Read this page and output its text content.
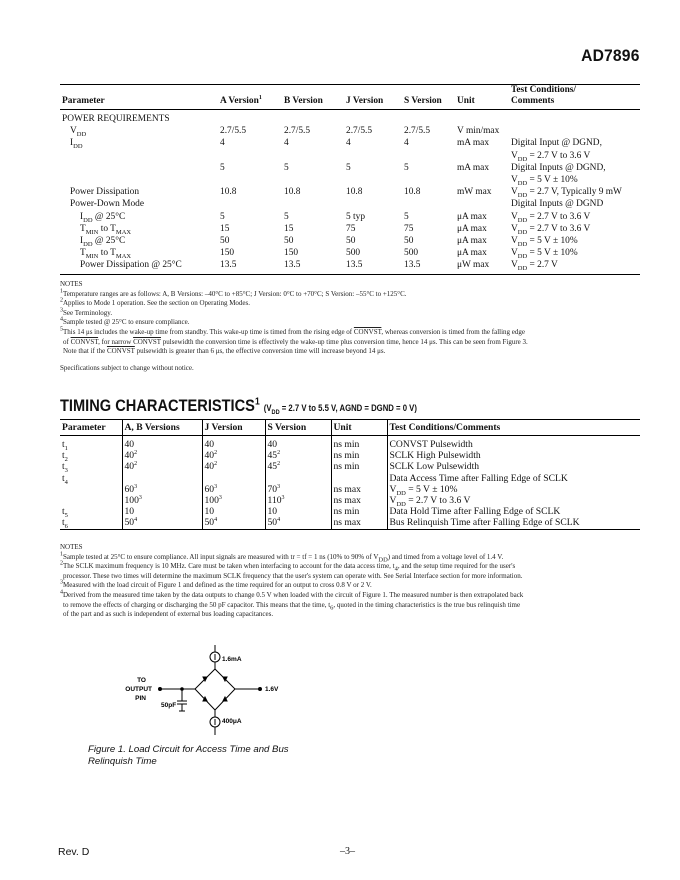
AD7896
Parameter	A Version$^1$	B Version	J Version	S Version	Unit	Test Conditions/
Comments
POWER REQUIREMENTS						
$V_{DD}$	2.7/5.5	2.7/5.5	2.7/5.5	2.7/5.5	V min/max	
$I_{DD}$	4	4	4	4	mA max	Digital Input @ DGND,
						$V_{DD} = 2.7$ V to 3.6 V
	5	5	5	5	mA max	Digital Inputs @ DGND,
						$V_{DD} = 5$ V ± 10%
Power Dissipation	10.8	10.8	10.8	10.8	mW max	$V_{DD} = 2.7$ V, Typically 9 mW
Power-Down Mode						Digital Inputs @ DGND
$I_{DD}$ @ 25°C	5	5	5 typ	5	μA max	$V_{DD} = 2.7$ V to 3.6 V
$T_{MIN}$ to $T_{MAX}$	15	15	75	75	μA max	$V_{DD} = 2.7$ V to 3.6 V
$I_{DD}$ @ 25°C	50	50	50	50	μA max	$V_{DD} = 5$ V ± 10%
$T_{MIN}$ to $T_{MAX}$	150	150	500	500	μA max	$V_{DD} = 5$ V ± 10%
Power Dissipation @ 25°C	13.5	13.5	13.5	13.5	μW max	$V_{DD} = 2.7$ V
NOTES
$^1$Temperature ranges are as follows: A, B Versions: –40°C to +85°C; J Version: 0°C to +70°C; S Version: –55°C to +125°C.
$^2$Applies to Mode 1 operation. See the section on Operating Modes.
$^3$See Terminology.
$^4$Sample tested @ 25°C to ensure compliance.
$^5$This 14 μs includes the wake-up time from standby. This wake-up time is timed from the rising edge of CONVST, whereas conversion is timed from the falling edge
of CONVST, for narrow CONVST pulsewidth the conversion time is effectively the wake-up time plus conversion time, hence 14 μs. This can be seen from Figure 3.
Note that if the CONVST pulsewidth is greater than 6 μs, the effective conversion time will increase beyond 14 μs.
Specifications subject to change without notice.
TIMING CHARACTERISTICS$^1$ ($V_{DD} = 2.7$ V to 5.5 V, AGND = DGND = 0 V)
Parameter	A, B Versions	J Version	S Version	Unit	Test Conditions/Comments
$t_1$	40	40	40	ns min	CONVST Pulsewidth
$t_2$	$40^2$	$40^2$	$45^2$	ns min	SCLK High Pulsewidth
$t_3$	$40^2$	$40^2$	$45^2$	ns min	SCLK Low Pulsewidth
$t_4$					Data Access Time after Falling Edge of SCLK
	$60^3$	$60^3$	$70^3$	ns max	$V_{DD} = 5$ V ± 10%
	$100^3$	$100^3$	$110^3$	ns max	$V_{DD} = 2.7$ V to 3.6 V
$t_5$	10	10	10	ns min	Data Hold Time after Falling Edge of SCLK
$t_6$	$50^4$	$50^4$	$50^4$	ns max	Bus Relinquish Time after Falling Edge of SCLK
NOTES
$^1$Sample tested at 25°C to ensure compliance. All input signals are measured with tr = tf = 1 ns (10% to 90% of $V_{DD}$) and timed from a voltage level of 1.4 V.
$^2$The SCLK maximum frequency is 10 MHz. Care must be taken when interfacing to account for the data access time, $t_4$, and the setup time required for the user's
processor. These two times will determine the maximum SCLK frequency that the user's system can operate with. See Serial Interface section for more information.
$^3$Measured with the load circuit of Figure 1 and defined as the time required for an output to cross 0.8 V or 2 V.
$^4$Derived from the measured time taken by the data outputs to change 0.5 V when loaded with the circuit of Figure 1. The measured number is then extrapolated back
to remove the effects of charging or discharging the 50 pF capacitor. This means that the time, $t_6$, quoted in the timing characteristics is the true bus relinquish time
of the part and as such is independent of external bus loading capacitances.
1.6mA
400μA
1.6V
TO
OUTPUT
PIN
50pF
Figure 1. Load Circuit for Access Time and Bus
Relinquish Time
Rev. D	–3–
